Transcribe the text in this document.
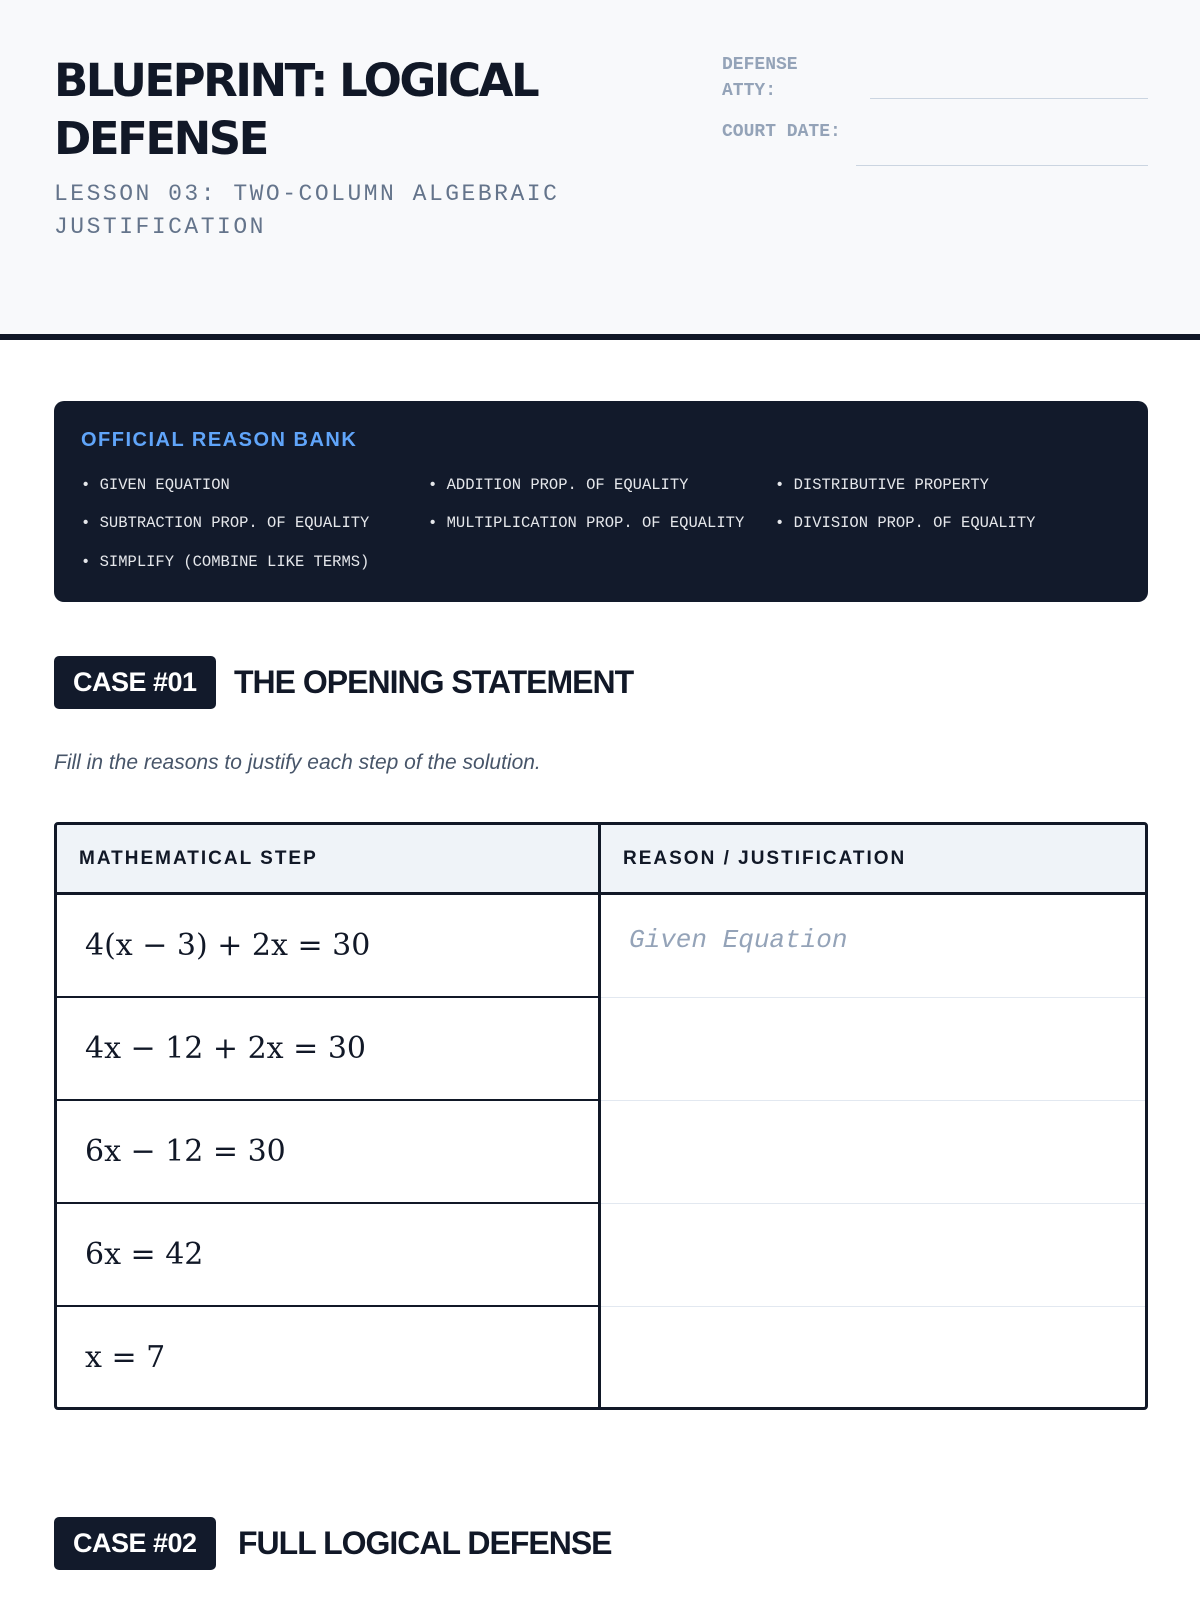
BLUEPRINT: LOGICAL DEFENSE
LESSON 03: TWO-COLUMN ALGEBRAIC JUSTIFICATION
DEFENSE ATTY:
COURT DATE:
OFFICIAL REASON BANK
• GIVEN EQUATION	• ADDITION PROP. OF EQUALITY	• DISTRIBUTIVE PROPERTY
• SUBTRACTION PROP. OF EQUALITY	• MULTIPLICATION PROP. OF EQUALITY • DIVISION PROP. OF EQUALITY
• SIMPLIFY (COMBINE LIKE TERMS)
CASE #01	THE OPENING STATEMENT
Fill in the reasons to justify each step of the solution.
MATHEMATICAL STEP	REASON / JUSTIFICATION
4(x − 3) + 2x = 30	Given Equation
4x − 12 + 2x = 30
6x − 12 = 30
6x = 42
x = 7
CASE #02	FULL LOGICAL DEFENSE
